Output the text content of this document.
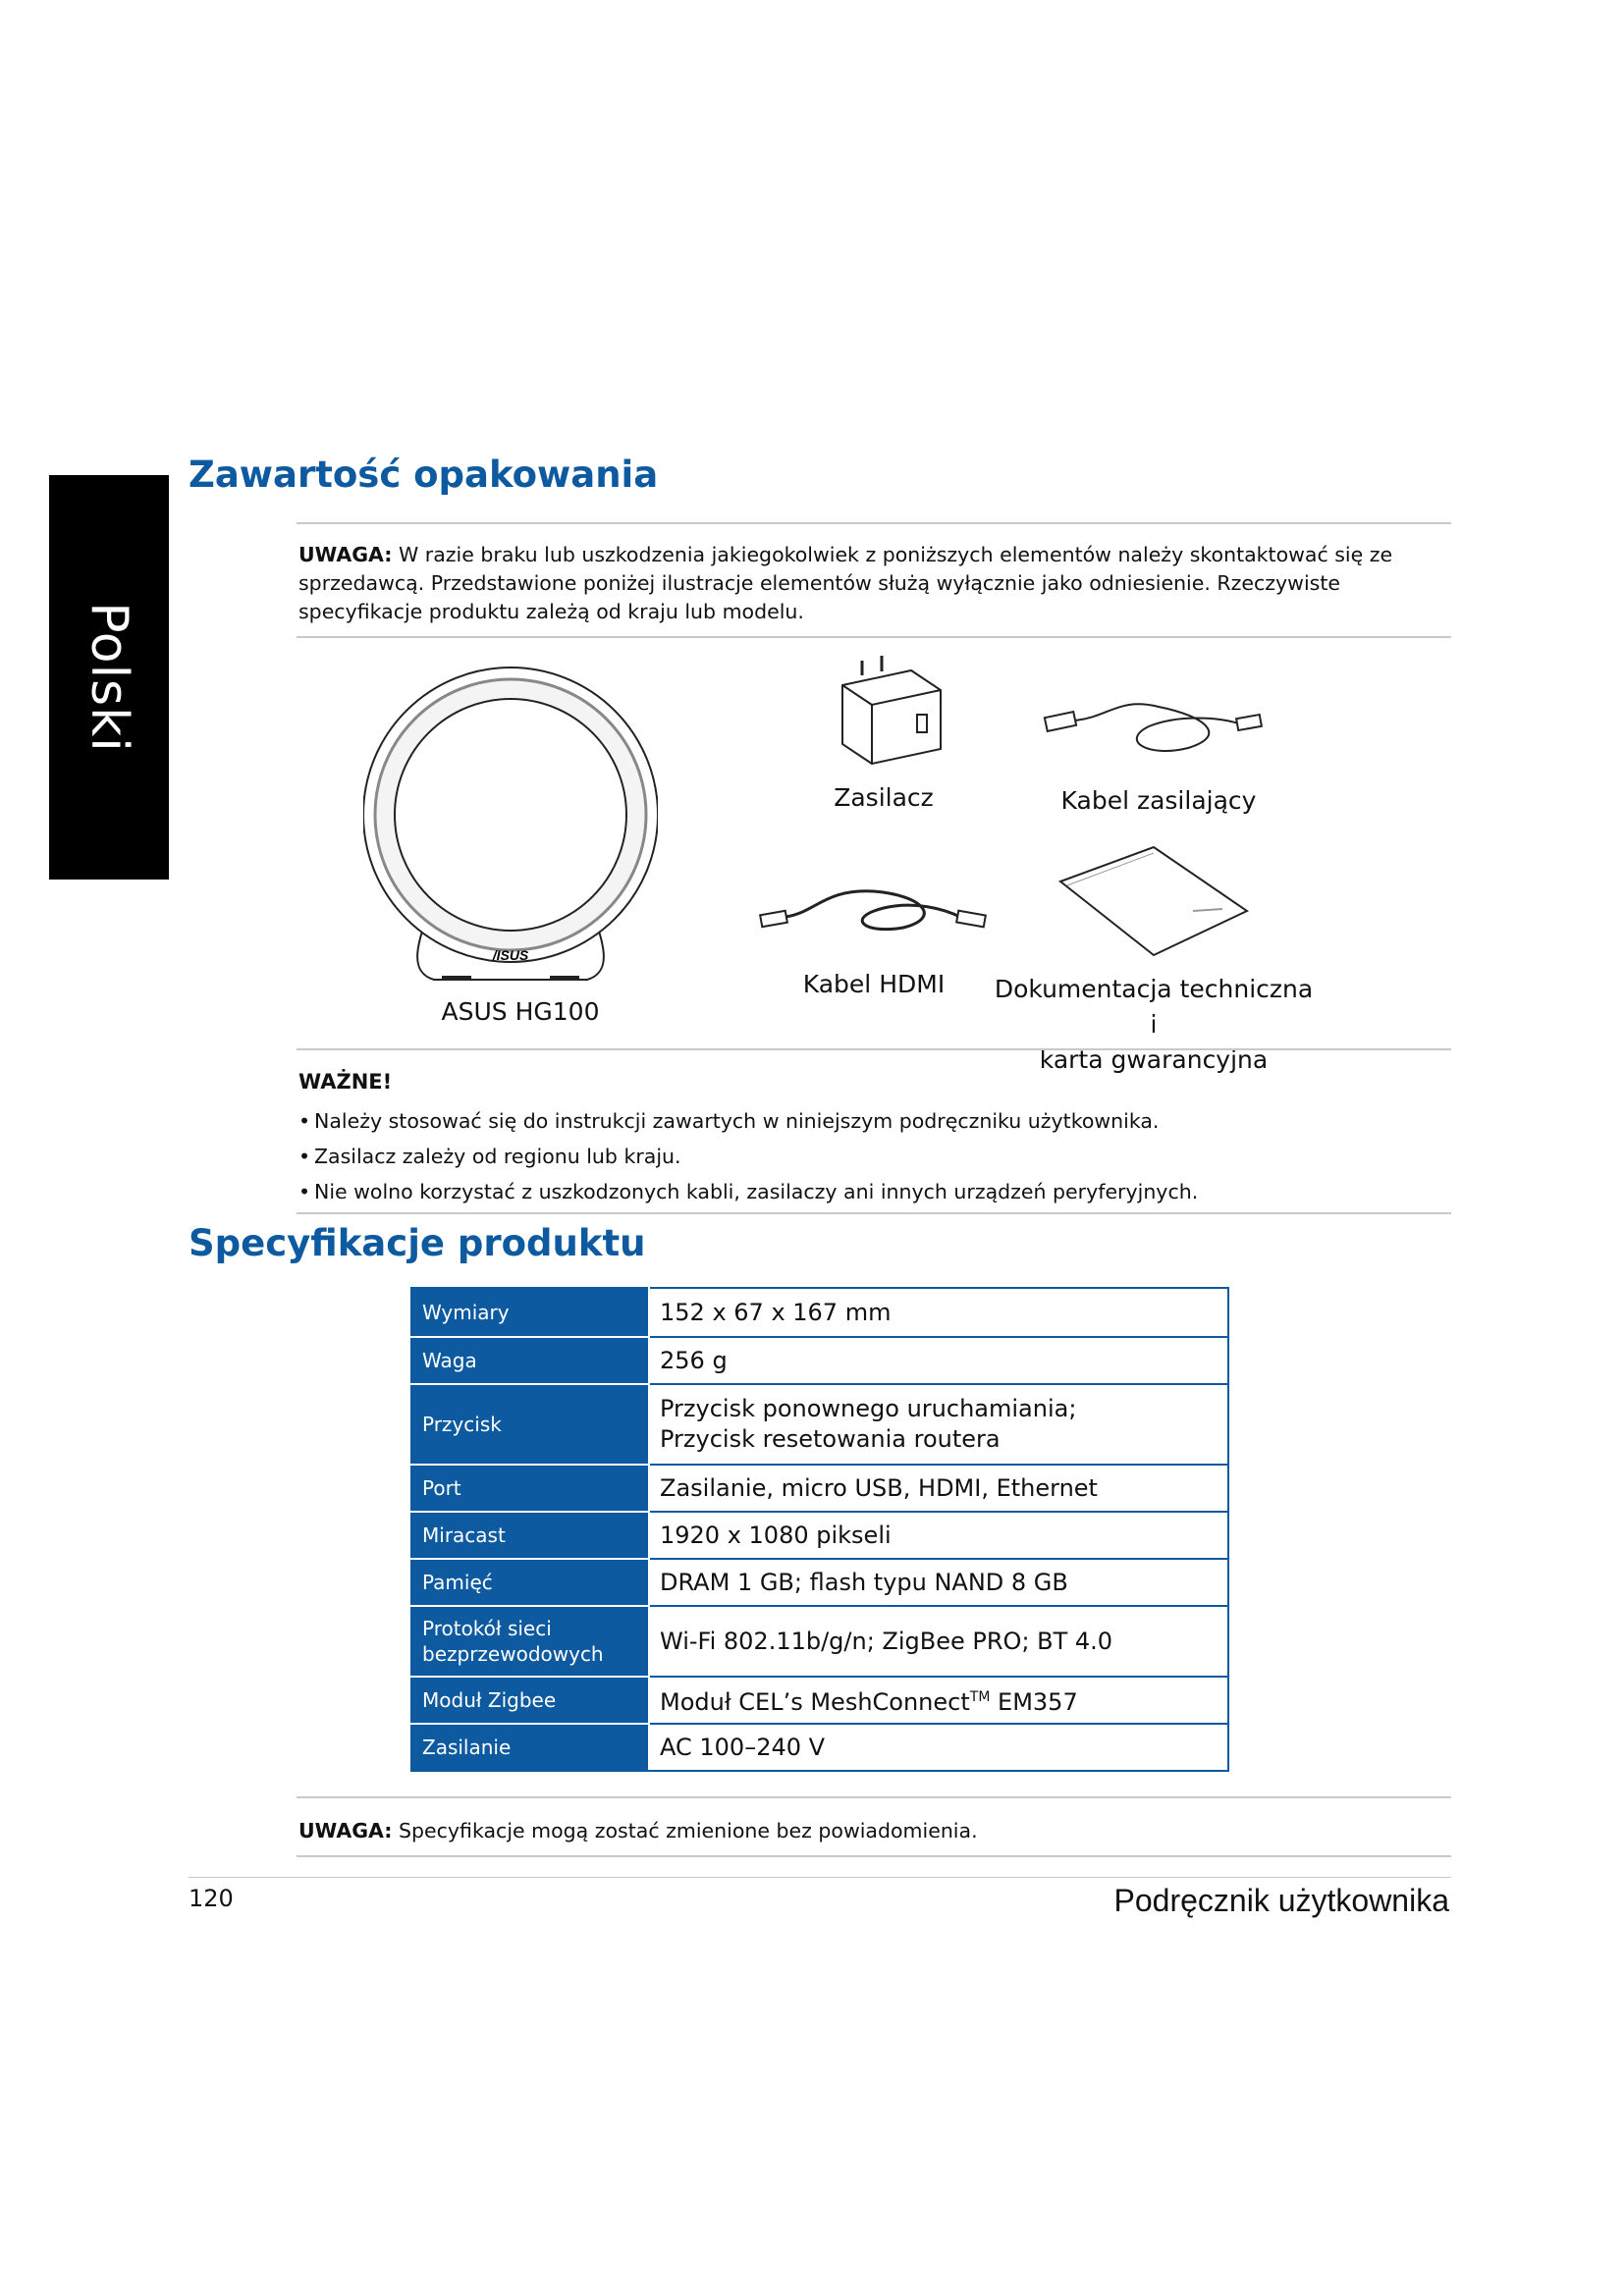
Polski
Zawartość opakowania
UWAGA: W razie braku lub uszkodzenia jakiegokolwiek z poniższych elementów należy skontaktować się ze sprzedawcą. Przedstawione poniżej ilustracje elementów służą wyłącznie jako odniesienie. Rzeczywiste specyfikacje produktu zależą od kraju lub modelu.
/ISUS
ASUS HG100
Zasilacz	Kabel zasilający
Kabel HDMI	Dokumentacja techniczna i
karta gwarancyjna
WAŻNE!
• Należy stosować się do instrukcji zawartych w niniejszym podręczniku użytkownika.
• Zasilacz zależy od regionu lub kraju.
• Nie wolno korzystać z uszkodzonych kabli, zasilaczy ani innych urządzeń peryferyjnych.
Specyfikacje produktu
Wymiary	152 x 67 x 167 mm
Waga	256 g
Przycisk	Przycisk ponownego uruchamiania;
Przycisk resetowania routera

Port	Zasilanie, micro USB, HDMI, Ethernet
Miracast	1920 x 1080 pikseli
Pamięć	DRAM 1 GB; flash typu NAND 8 GB

Protokół sieci
bezprzewodowych	Wi-Fi 802.11b/g/n; ZigBee PRO; BT 4.0
Moduł Zigbee	Moduł CEL’s MeshConnect™ EM357
Zasilanie	AC 100–240 V
UWAGA: Specyfikacje mogą zostać zmienione bez powiadomienia.
120	Podręcznik użytkownika
